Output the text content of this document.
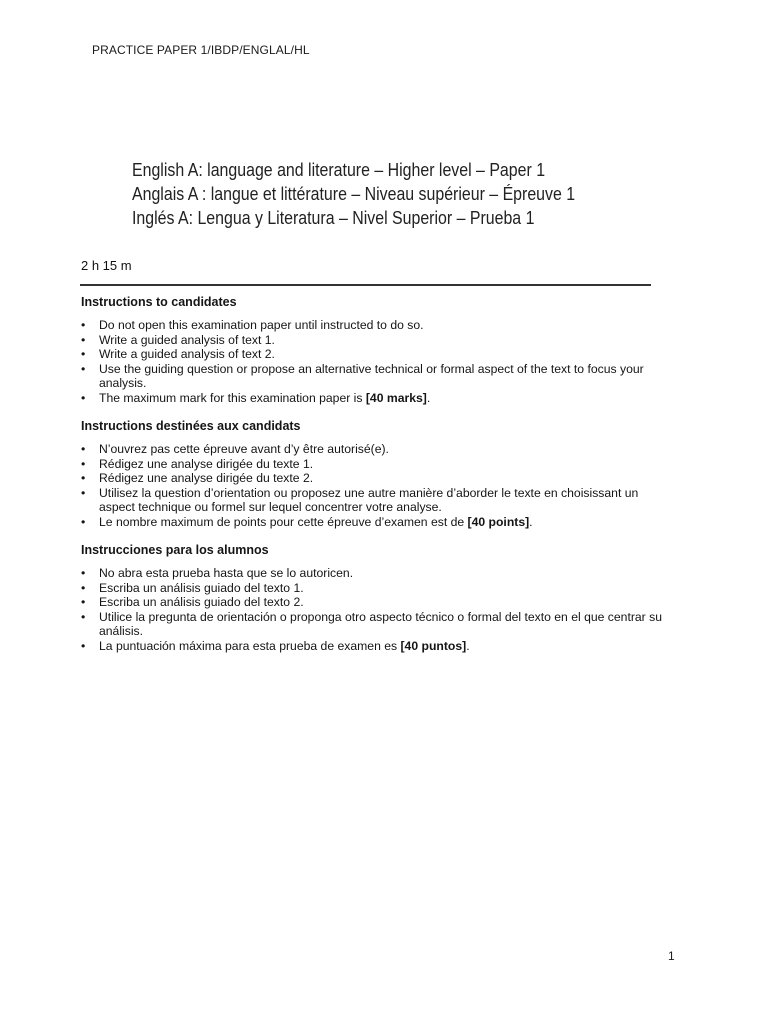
PRACTICE PAPER 1/IBDP/ENGLAL/HL
English A: language and literature – Higher level – Paper 1
Anglais A : langue et littérature – Niveau supérieur – Épreuve 1
Inglés A: Lengua y Literatura – Nivel Superior – Prueba 1
2 h 15 m
Instructions to candidates
• Do not open this examination paper until instructed to do so.
• Write a guided analysis of text 1.
• Write a guided analysis of text 2.
• Use the guiding question or propose an alternative technical or formal aspect of the text to focus your analysis.
• The maximum mark for this examination paper is [40 marks].
Instructions destinées aux candidats
• N’ouvrez pas cette épreuve avant d’y être autorisé(e).
• Rédigez une analyse dirigée du texte 1.
• Rédigez une analyse dirigée du texte 2.
• Utilisez la question d’orientation ou proposez une autre manière d’aborder le texte en choisissant un aspect technique ou formel sur lequel concentrer votre analyse.
• Le nombre maximum de points pour cette épreuve d’examen est de [40 points].
Instrucciones para los alumnos
• No abra esta prueba hasta que se lo autoricen.
• Escriba un análisis guiado del texto 1.
• Escriba un análisis guiado del texto 2.
• Utilice la pregunta de orientación o proponga otro aspecto técnico o formal del texto en el que centrar su análisis.
• La puntuación máxima para esta prueba de examen es [40 puntos].
1
